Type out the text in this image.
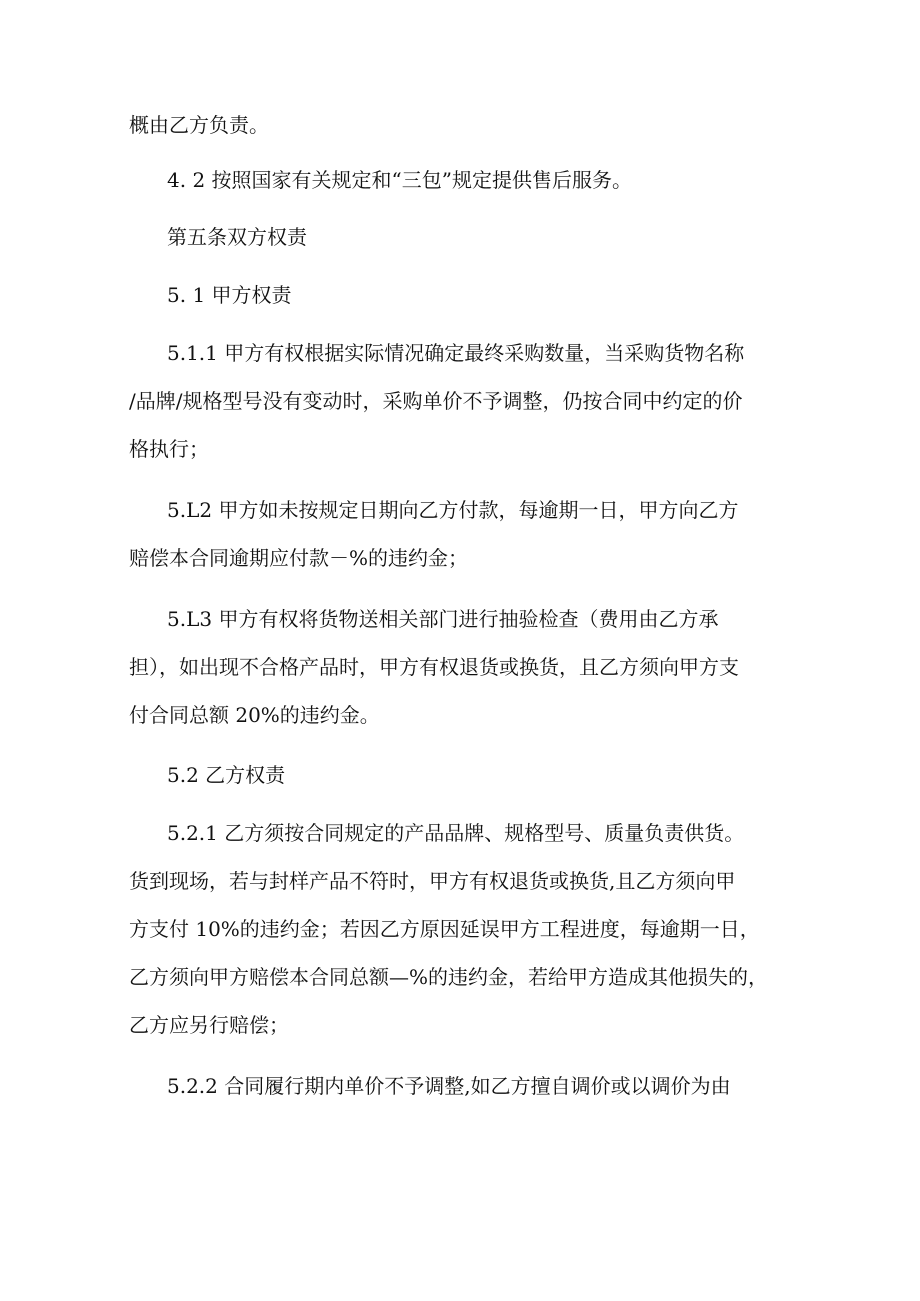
概由乙方负责。
4. 2 按照国家有关规定和“三包”规定提供售后服务。
第五条双方权责
5. 1 甲方权责
5.1.1 甲方有权根据实际情况确定最终采购数量，当采购货物名称
/品牌/规格型号没有变动时，采购单价不予调整，仍按合同中约定的价
格执行；
5.L2 甲方如未按规定日期向乙方付款，每逾期一日，甲方向乙方
赔偿本合同逾期应付款－%的违约金；
5.L3 甲方有权将货物送相关部门进行抽验检查（费用由乙方承
担），如出现不合格产品时，甲方有权退货或换货，且乙方须向甲方支
付合同总额 20%的违约金。
5.2 乙方权责
5.2.1 乙方须按合同规定的产品品牌、规格型号、质量负责供货。
货到现场，若与封样产品不符时，甲方有权退货或换货,且乙方须向甲
方支付 10%的违约金；若因乙方原因延误甲方工程进度，每逾期一日，
乙方须向甲方赔偿本合同总额—%的违约金，若给甲方造成其他损失的，
乙方应另行赔偿；
5.2.2 合同履行期内单价不予调整,如乙方擅自调价或以调价为由
